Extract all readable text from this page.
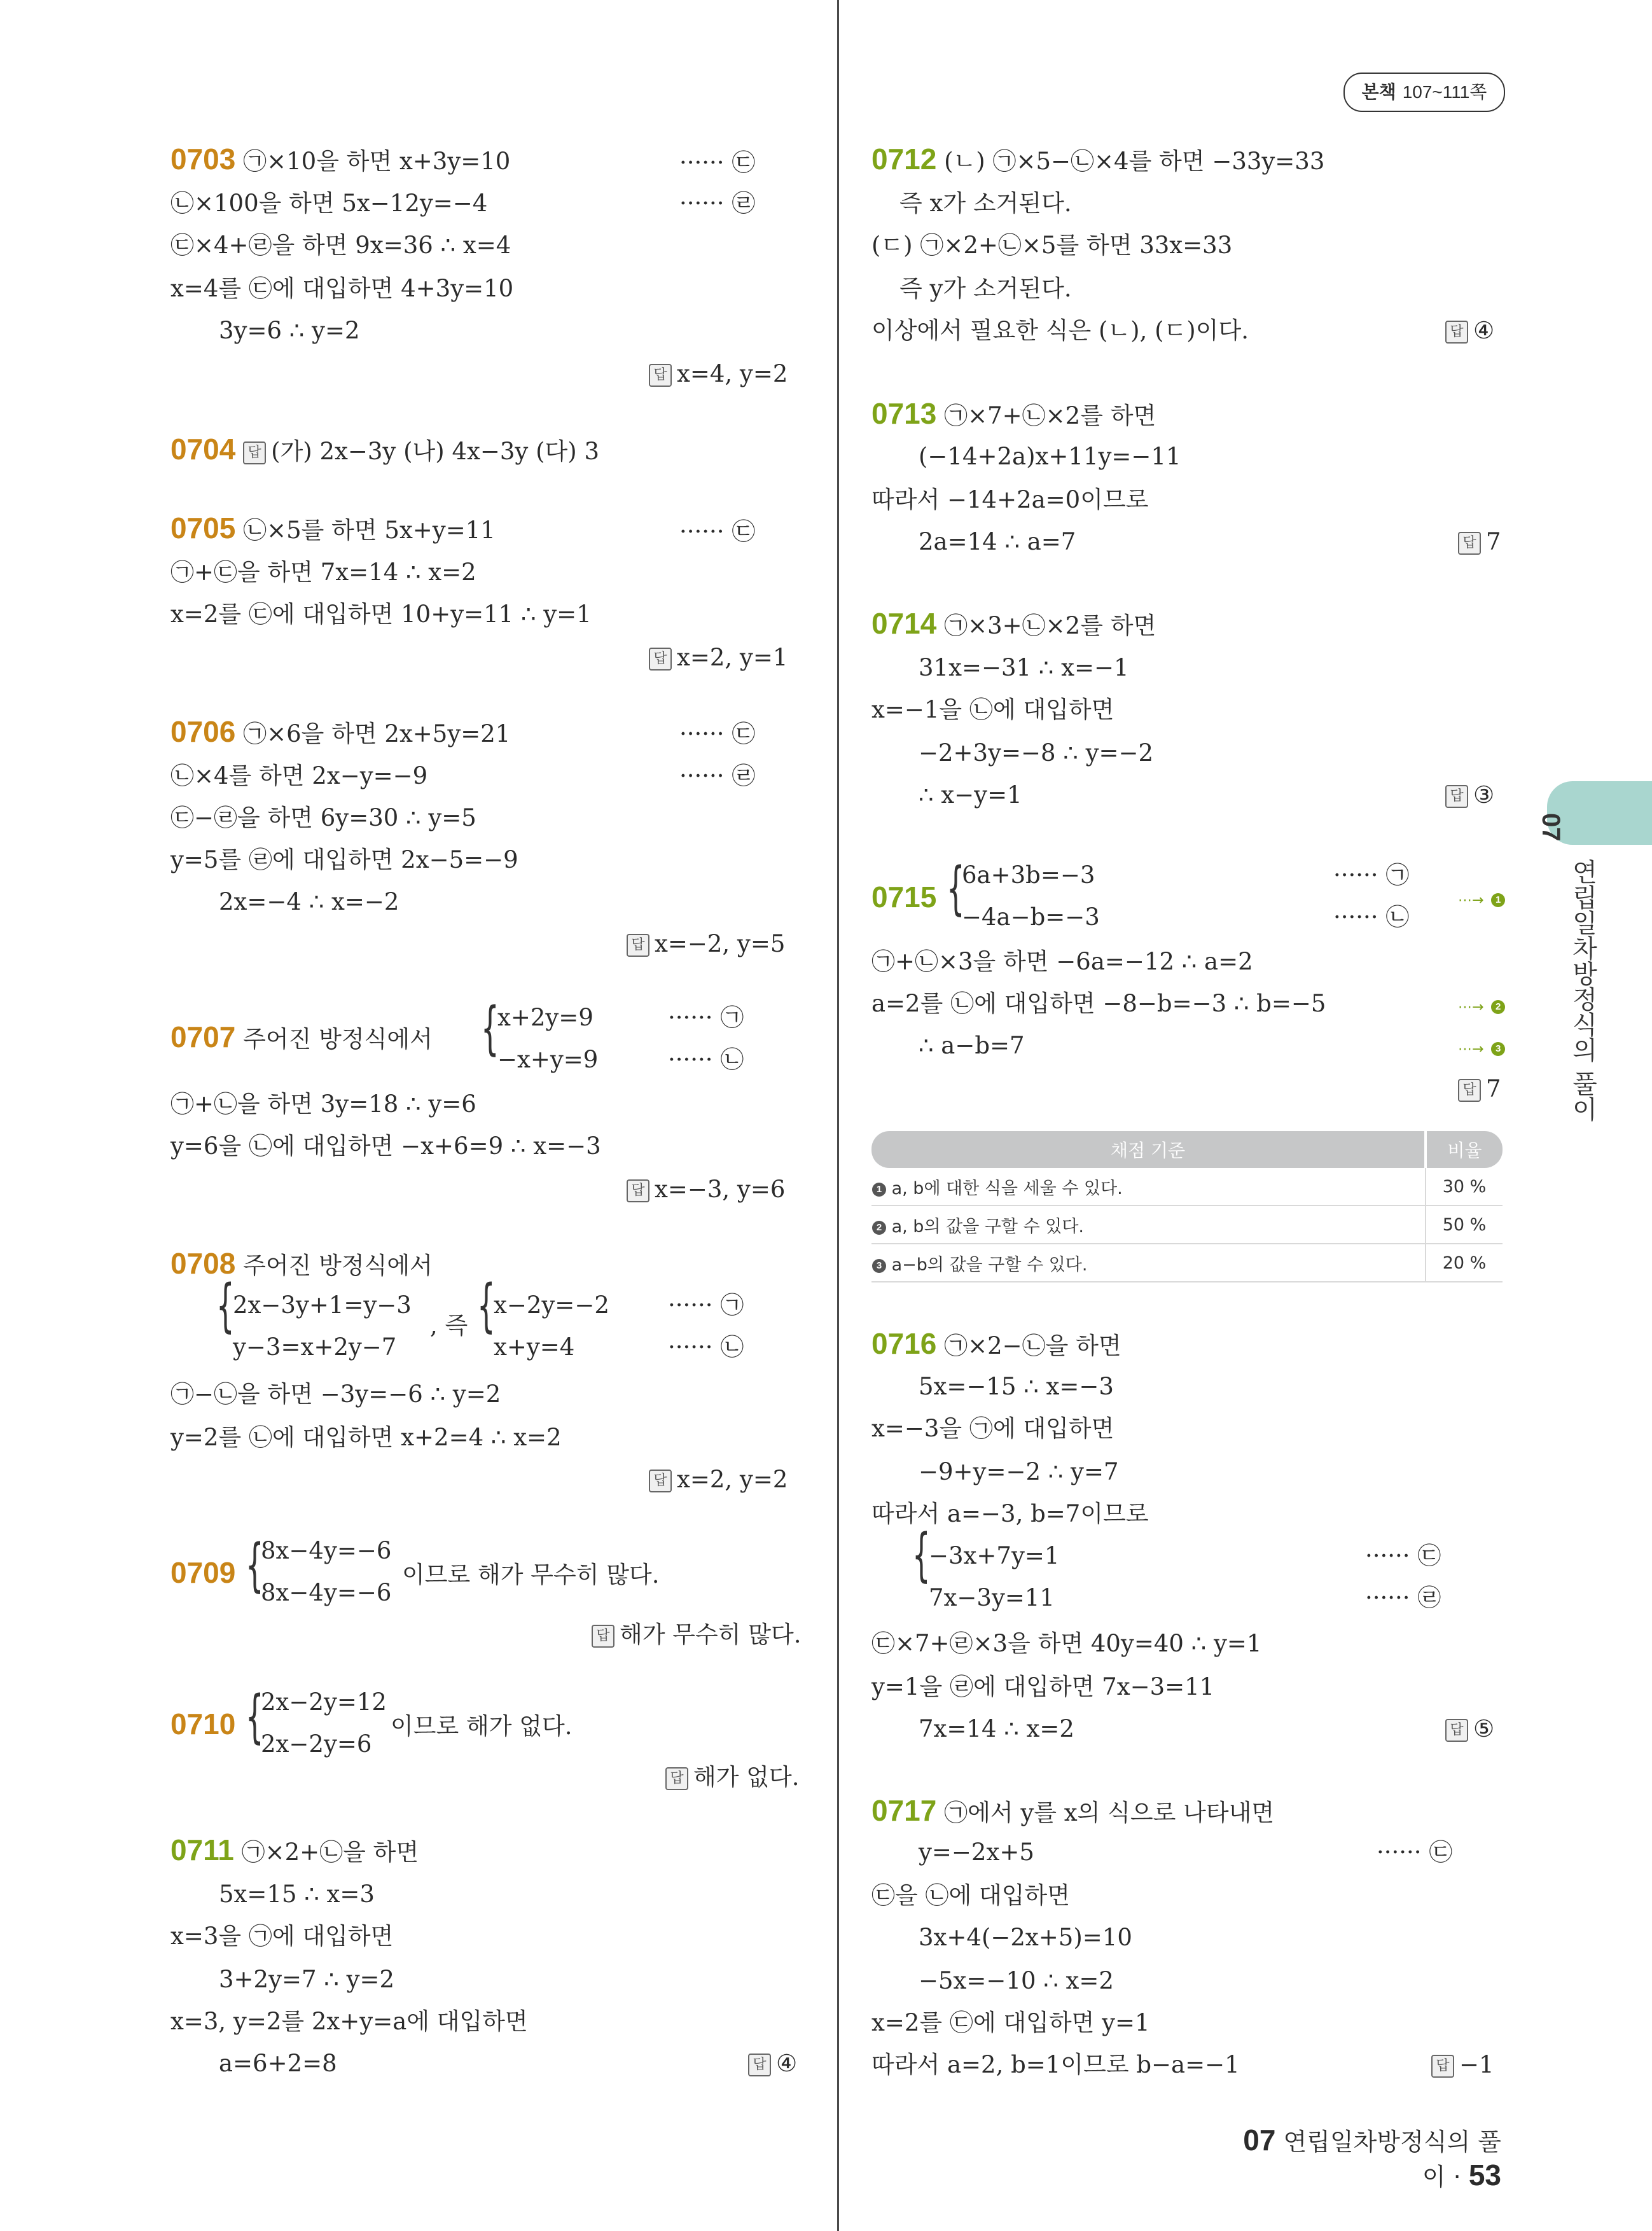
본책 107~111쪽
07
연립일차방정식의 풀이
0703 ㉠×10을 하면 x+3y=10	······ ㉢
㉡×100을 하면 5x−12y=−4	······ ㉣
㉢×4+㉣을 하면 9x=36 ∴ x=4
x=4를 ㉢에 대입하면 4+3y=10
3y=6 ∴ y=2
답 x=4, y=2
0704 답 (가) 2x−3y (나) 4x−3y (다) 3
0705 ㉡×5를 하면 5x+y=11	······ ㉢
㉠+㉢을 하면 7x=14 ∴ x=2
x=2를 ㉢에 대입하면 10+y=11 ∴ y=1
답 x=2, y=1
0706 ㉠×6을 하면 2x+5y=21	······ ㉢
㉡×4를 하면 2x−y=−9	······ ㉣
㉢−㉣을 하면 6y=30 ∴ y=5
y=5를 ㉣에 대입하면 2x−5=−9
2x=−4 ∴ x=−2
답 x=−2, y=5
0707 주어진 방정식에서 {
x+2y=9	······ ㉠
−x+y=9	······ ㉡
㉠+㉡을 하면 3y=18 ∴ y=6
y=6을 ㉡에 대입하면 −x+6=9 ∴ x=−3
답 x=−3, y=6
0708 주어진 방정식에서
{
2x−3y+1=y−3
y−3=x+2y−7
, 즉 {
x−2y=−2 ······ ㉠
x+y=4	······ ㉡
㉠−㉡을 하면 −3y=−6 ∴ y=2
y=2를 ㉡에 대입하면 x+2=4 ∴ x=2
답 x=2, y=2
0709 {
8x−4y=−6
8x−4y=−6
이므로 해가 무수히 많다.
답 해가 무수히 많다.
0710 {
2x−2y=12
2x−2y=6
이므로 해가 없다.
답 해가 없다.
0711 ㉠×2+㉡을 하면
5x=15 ∴ x=3
x=3을 ㉠에 대입하면
3+2y=7 ∴ y=2
x=3, y=2를 2x+y=a에 대입하면
a=6+2=8	답 ④
0712 (ㄴ) ㉠×5−㉡×4를 하면 −33y=33
즉 x가 소거된다.
(ㄷ) ㉠×2+㉡×5를 하면 33x=33
즉 y가 소거된다.
이상에서 필요한 식은 (ㄴ), (ㄷ)이다.	답 ④
0713 ㉠×7+㉡×2를 하면
(−14+2a)x+11y=−11
따라서 −14+2a=0이므로
2a=14 ∴ a=7	답 7
0714 ㉠×3+㉡×2를 하면
31x=−31 ∴ x=−1
x=−1을 ㉡에 대입하면
−2+3y=−8 ∴ y=−2
∴ x−y=1	답 ③
0715 {
6a+3b=−3	······ ㉠
−4a−b=−3	······ ㉡
⋯→ 1
㉠+㉡×3을 하면 −6a=−12 ∴ a=2
a=2를 ㉡에 대입하면 −8−b=−3 ∴ b=−5	⋯→ 2
∴ a−b=7	⋯→ 3
답 7
채점 기준	비율
1 a, b에 대한 식을 세울 수 있다.	30 %
2 a, b의 값을 구할 수 있다.	50 %
3 a−b의 값을 구할 수 있다.	20 %
0716 ㉠×2−㉡을 하면
5x=−15 ∴ x=−3
x=−3을 ㉠에 대입하면
−9+y=−2 ∴ y=7
따라서 a=−3, b=7이므로
{
−3x+7y=1	······ ㉢
7x−3y=11	······ ㉣
㉢×7+㉣×3을 하면 40y=40 ∴ y=1
y=1을 ㉣에 대입하면 7x−3=11
7x=14 ∴ x=2	답 ⑤
0717 ㉠에서 y를 x의 식으로 나타내면
y=−2x+5	······ ㉢
㉢을 ㉡에 대입하면
3x+4(−2x+5)=10
−5x=−10 ∴ x=2
x=2를 ㉢에 대입하면 y=1
따라서 a=2, b=1이므로 b−a=−1	답 −1
07 연립일차방정식의 풀이 · 53
